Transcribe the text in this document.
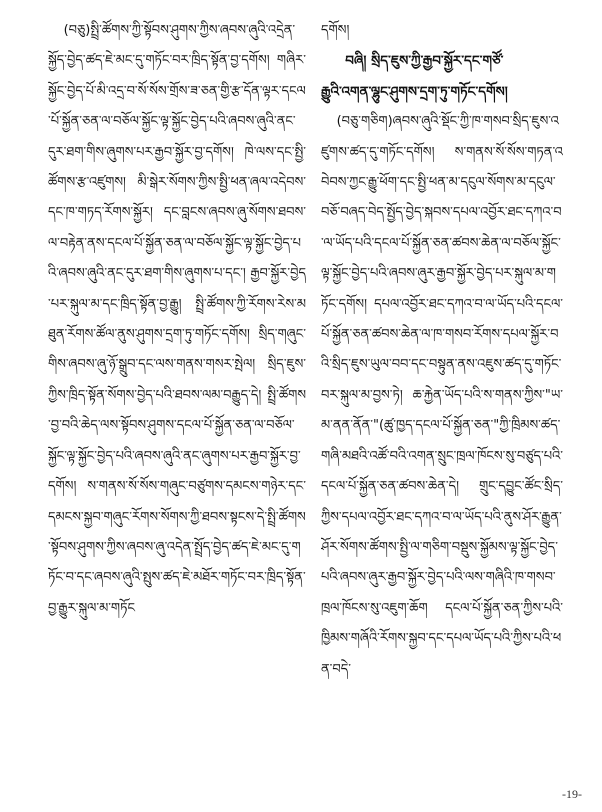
(བཅུ)སྤྲི་ཚོགས་ཀྱི་སྟོབས་ཤུགས་ཀྱིས་ཞབས་ཞུའི་འདྲེན་སྐྱོད་བྱེད་ཚད་ཇེ་མང་དུ་གཏོང་བར་ཁྲིད་སྟོན་བྱ་དགོས། གཞིར་སྐྱོང་བྱེད་པོ་མི་འདྲ་བ་སོ་སོས་གྲོས་ཟ་ཅན་གྱི་རྩ་དོན་ལྟར་དངལ་པོ་སྐྱོན་ཅན་ལ་བཅོལ་སྐྱོང་ལྟ་སྐྱོང་བྱེད་པའི་ཞབས་ཞུའི་ནང་དུར་ཐག་གིས་ཞུགས་པར་རྒྱབ་སྐྱོར་བྱ་དགོས། ཁེ་ལས་དང་སྤྱི་ཚོགས་རྩ་འཛུགས། མི་སྒེར་སོགས་ཀྱིས་སྤྱི་ཕན་ཞལ་འདེབས་དང་ཁ་གཏད་རོགས་སྐྱོར། དང་བླངས་ཞབས་ཞུ་སོགས་ཐབས་ལ་བརྟེན་ནས་དངལ་པོ་སྐྱོན་ཅན་ལ་བཅོལ་སྐྱོང་ལྟ་སྐྱོང་བྱེད་པའི་ཞབས་ཞུའི་ནང་དུར་ཐག་གིས་ཞུགས་པ་དང་། རྒྱབ་སྐྱོར་བྱེད་པར་སྐུལ་མ་དང་ཁྲིད་སྟོན་བྱ་རྒྱུ། སྤྲི་ཚོགས་ཀྱི་རོགས་རེས་མཐུན་རོགས་ཚོལ་ནུས་ཤུགས་དྲག་ཏུ་གཏོང་དགོས། སྲིད་གཞུང་གིས་ཞབས་ཞུ་ཉོ་སྒྲུབ་དང་ལས་གནས་གསར་སྤེལ། སྲིད་ཇུས་ཀྱིས་ཁྲིད་སྟོན་སོགས་བྱེད་པའི་ཐབས་ལམ་བརྒྱུད་དེ། སྤྲི་ཚོགས་བྱ་བའི་ཆེད་ལས་སྟོབས་ཤུགས་དངལ་པོ་སྐྱོན་ཅན་ལ་བཅོལ་སྐྱོང་ལྟ་སྐྱོང་བྱེད་པའི་ཞབས་ཞུའི་ནང་ཞུགས་པར་རྒྱབ་སྐྱོར་བྱ་དགོས། ས་གནས་སོ་སོས་གཞུང་བཙུགས་དམངས་གཉེར་དང་དམངས་སྐྱབ་གཞུང་རོགས་སོགས་ཀྱི་ཐབས་སྟངས་དེ་སྤྲི་ཚོགས་སྟོབས་ཤུགས་ཀྱིས་ཞབས་ཞུ་འདེན་སྤྲོད་བྱེད་ཚད་ཇེ་མང་དུ་གཏོང་བ་དང་ཞབས་ཞུའི་སྤུས་ཚད་ཇེ་མཐོར་གཏོང་བར་ཁྲིད་སྟོན་བྱ་རྒྱུར་སྐུལ་མ་གཏོང

དགོས།

བཞི། སྲིད་ཇུས་ཀྱི་རྒྱབ་སྐྱོར་དང་གཙོ་

རྒྱུའི་འགན་ལྷུང་ཤུགས་དྲག་ཏུ་གཏོང་དགོས།

(བཅུ་གཅིག)ཞབས་ཞུའི་སྡོང་ཀྱི་ཁ་གསབ་སྲིད་ཇུས་འཛུགས་ཚད་དུ་གཏོང་དགོས། ས་གནས་སོ་སོས་གཏན་འབེབས་ཀྱང་རྒྱུ་ཕོག་དང་སྤྱི་ཕན་མ་དངུལ་སོགས་མ་དངུལ་བཅོ་བཞད་བེད་སྤྱོད་བྱེད་སྐབས་དཔལ་འབྱོར་ཐང་དཀའ་བ་ལ་ཡོད་པའི་དངལ་པོ་སྐྱོན་ཅན་ཚབས་ཆེན་ལ་བཅོལ་སྐྱོང་ལྟ་སྐྱོང་བྱེད་པའི་ཞབས་ཞུར་རྒྱབ་སྐྱོར་བྱེད་པར་སྐུལ་མ་གཏོང་དགོས། དཔལ་འབྱོར་ཐང་དཀའ་བ་ལ་ཡོད་པའི་དངལ་པོ་སྐྱོན་ཅན་ཚབས་ཆེན་ལ་ཁ་གསབ་རོགས་དཔལ་སྐྱོར་བའི་སྲིད་ཇུས་ཡུལ་བབ་དང་བསྟུན་ནས་འཇུས་ཚད་དུ་གཏོང་བར་སྐུལ་མ་བྱས་ཏེ། ཆ་རྐྱེན་ཡོད་པའི་ས་གནས་ཀྱིས་"ཡ་མ་ནན་ནོན་"(ཚུ་ཁྱད་དངལ་པོ་སྐྱོན་ཅན་"ཀྱི་ཁྲིམས་ཚད་གཞི་མཐའི་འཚོ་བའི་འགན་སྲུང་ཁྲལ་ཁོངས་སུ་བཙུད་པའི་དངལ་པོ་སྐྱོན་ཅན་ཚབས་ཆེན་དེ། གྲུང་དབྱུང་ཚོང་སྲིད་ཀྱིས་དཔལ་འབྱོར་ཐང་དཀའ་བ་ལ་ཡོད་པའི་ནུས་ཤོར་རྒྱུན་ཤོར་སོགས་ཚོགས་སྤྱི་ལ་གཅིག་བསྡུས་སྐྱོམས་ལྟ་སྐྱོང་བྱེད་པའི་ཞབས་ཞུར་རྒྱབ་སྐྱོར་བྱེད་པའི་ལས་གཞིའི་ཁ་གསབ་ཁྲལ་ཁོངས་སུ་འཇུག་ཆོག དངལ་པོ་སྐྱོན་ཅན་ཀྱིས་པའི་ཁྱིམས་གཞོའི་རོགས་སྐྱབ་དང་དཔལ་ཡོད་པའི་ཀྱིས་པའི་ཕན་བདེ་

-19-
